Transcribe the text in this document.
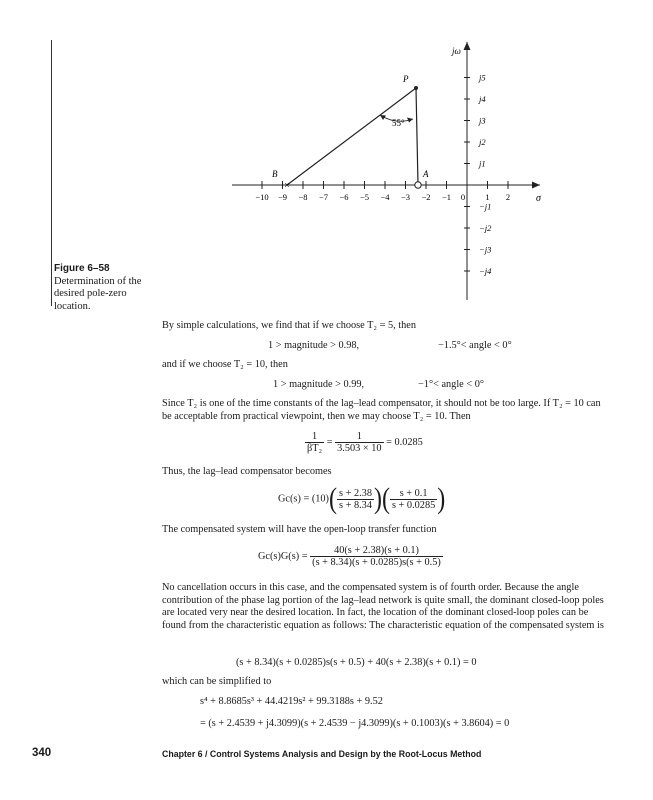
−10 −9 −8 −7 −6 −5 −4 −3 −2 −1 0 1 2
j5
j4
j3
j2
j1
−j1
−j2
−j3
−j4
σ
jω
×
55°
P
A
B
Figure 6–58
Determination of the desired pole-zero location.
By simple calculations, we find that if we choose T₂ = 5, then
1 > magnitude > 0.98,	−1.5°< angle < 0°
and if we choose T₂ = 10, then
1 > magnitude > 0.99,	−1°< angle < 0°
Since T₂ is one of the time constants of the lag–lead compensator, it should not be too large. If T₂ = 10 can be acceptable from practical viewpoint, then we may choose T₂ = 10. Then
$\frac{1}{\text{βT₂}} = \frac{1}{3.503 \times 10} = 0.0285$
Thus, the lag–lead compensator becomes
$Gc(s) = (10)( \frac{s + 2.38}{s + 8.34}$ )( $\frac{s + 0.1}{s + 0.0285}$ )
The compensated system will have the open-loop transfer function
$Gc(s)G(s) = \frac{40(s + 2.38)(s + 0.1)}{(s + 8.34)(s + 0.0285)s(s + 0.5)}$
No cancellation occurs in this case, and the compensated system is of fourth order. Because the angle contribution of the phase lag portion of the lag–lead network is quite small, the dominant closed-loop poles are located very near the desired location. In fact, the location of the dominant closed-loop poles can be found from the characteristic equation as follows: The characteristic equation of the compensated system is
(s + 8.34)(s + 0.0285)s(s + 0.5) + 40(s + 2.38)(s + 0.1) = 0
which can be simplified to
s⁴ + 8.8685s³ + 44.4219s² + 99.3188s + 9.52
= (s + 2.4539 + j4.3099)(s + 2.4539 − j4.3099)(s + 0.1003)(s + 3.8604) = 0
340	Chapter 6 / Control Systems Analysis and Design by the Root-Locus Method
